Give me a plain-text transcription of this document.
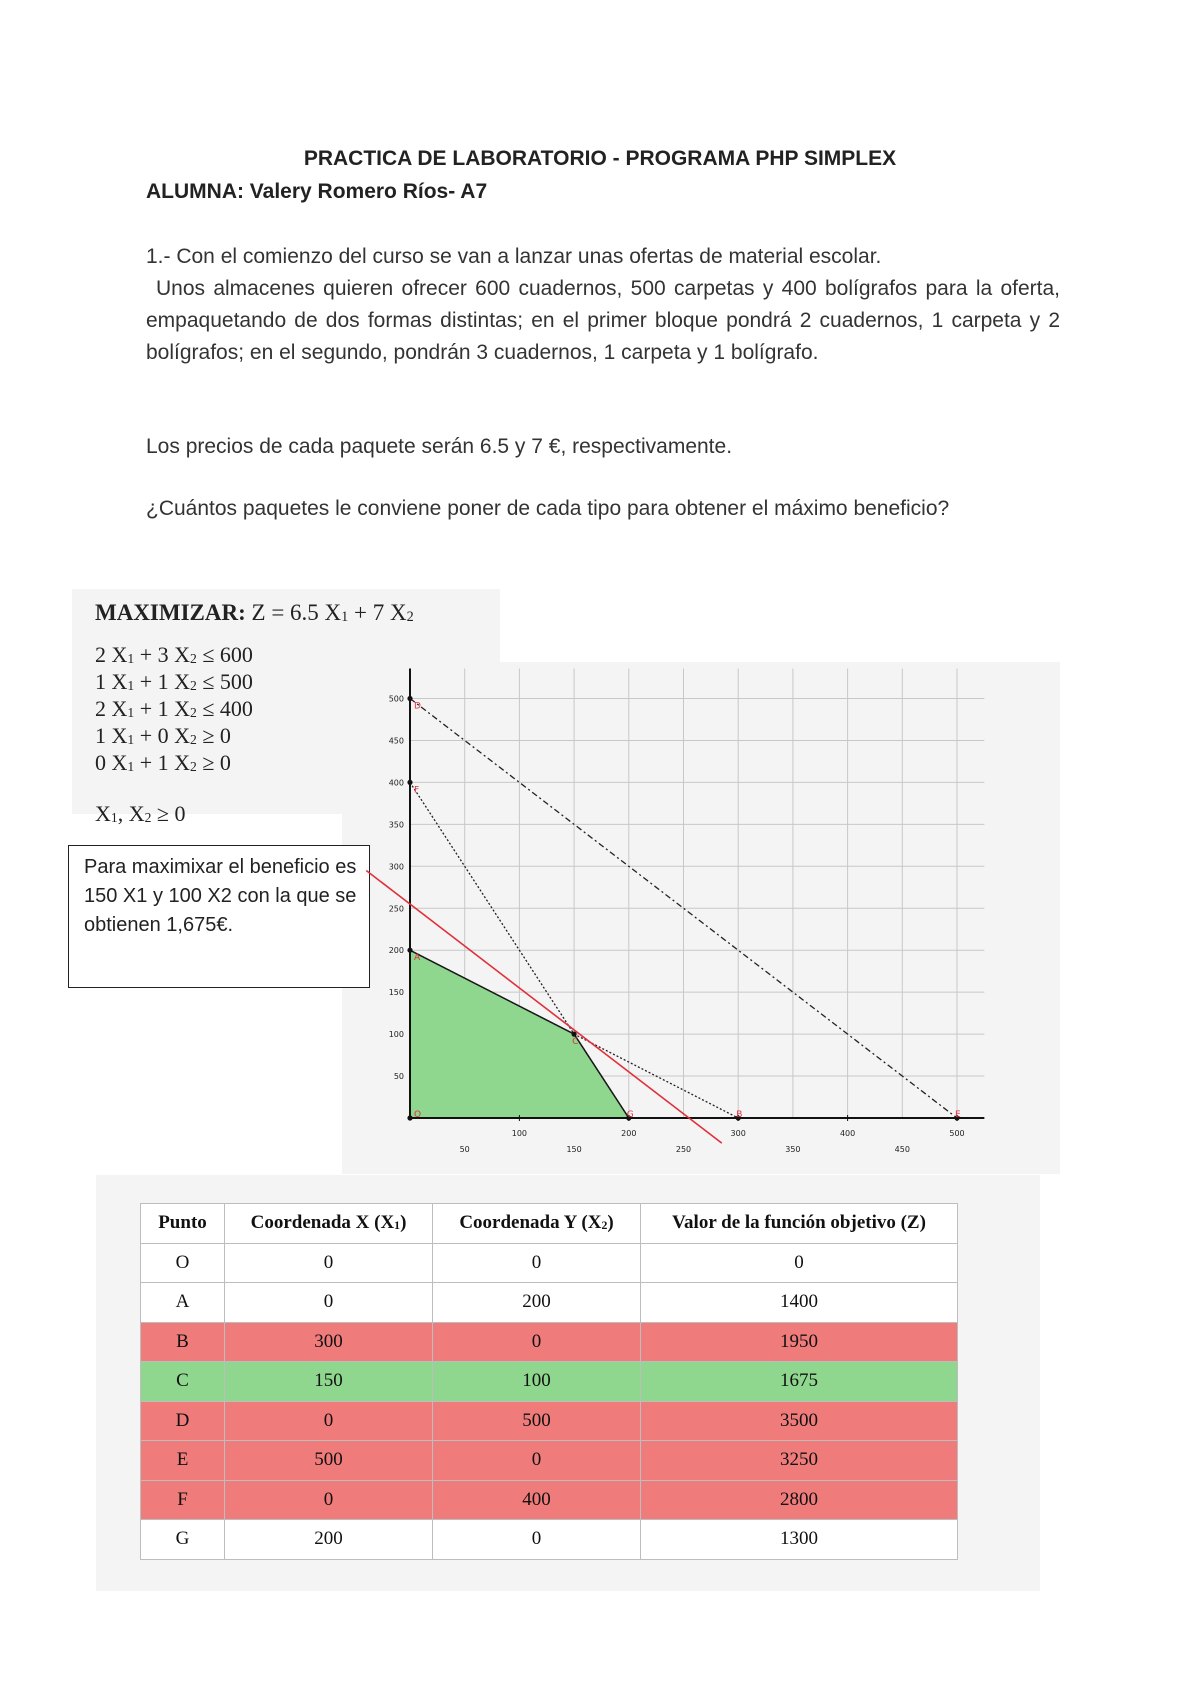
PRACTICA DE LABORATORIO - PROGRAMA PHP SIMPLEX
ALUMNA: Valery Romero Ríos- A7
1.- Con el comienzo del curso se van a lanzar unas ofertas de material escolar.
Unos almacenes quieren ofrecer 600 cuadernos, 500 carpetas y 400 bolígrafos para la oferta, empaquetando de dos formas distintas; en el primer bloque pondrá 2 cuadernos, 1 carpeta y 2 bolígrafos; en el segundo, pondrán 3 cuadernos, 1 carpeta y 1 bolígrafo.
Los precios de cada paquete serán 6.5 y 7 €, respectivamente.
¿Cuántos paquetes le conviene poner de cada tipo para obtener el máximo beneficio?
MAXIMIZAR: Z = 6.5 $X_1 + 7$ $X_2$
2 $X_1 + 3$ $X_2 \le 600$
1 $X_1 + 1$ $X_2 \le 500$
2 $X_1 + 1$ $X_2 \le 400$
1 $X_1 + 0$ $X_2 \ge 0$
0 $X_1 + 1$ $X_2 \ge 0$
$X_1$, $X_2 \ge 0$
Para maximixar el beneficio es 150 X1 y 100 X2 con la que se obtienen 1,675€.
100	200	300	400	500
50	150	250	350	450
50
100
150
200
250
300
350
400
450
500
O
A
C
G	B	E
F
D
Punto	Coordenada X $(X_1)$	Coordenada Y $(X_2)$	Valor de la función objetivo (Z)
O	0	0	0
A	0	200	1400
B	300	0	1950
C	150	100	1675
D	0	500	3500
E	500	0	3250
F	0	400	2800
G	200	0	1300
